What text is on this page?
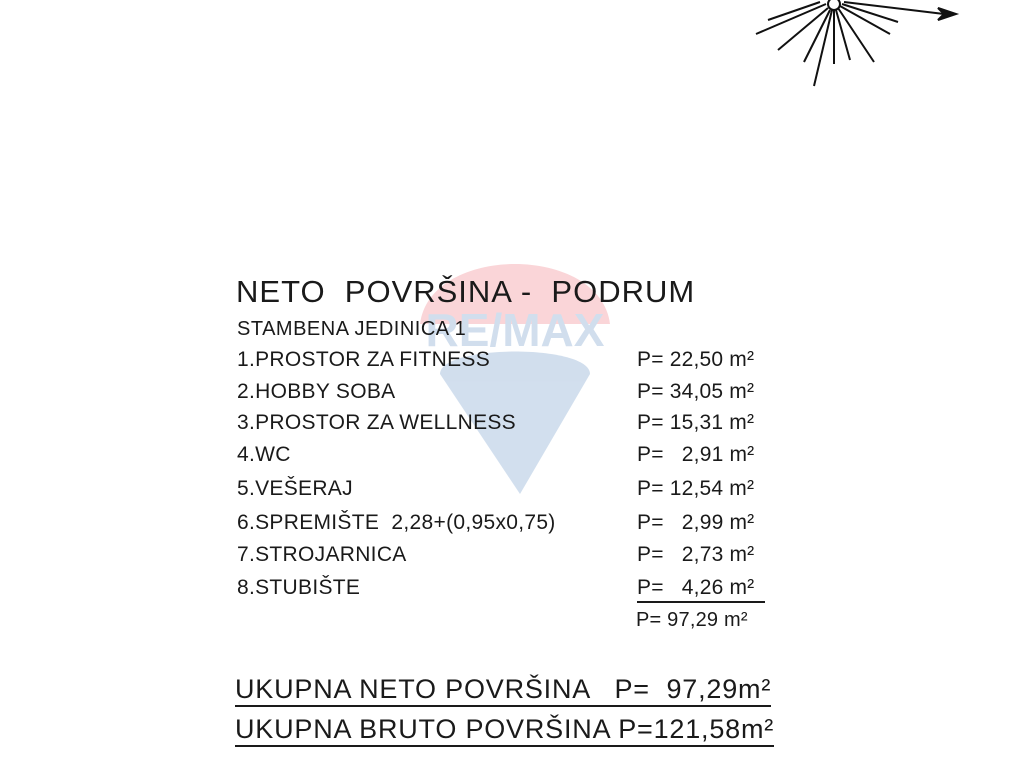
RE/MAX
NETO  POVRŠINA -  PODRUM
STAMBENA JEDINICA 1
1.PROSTOR ZA FITNESS	P= 22,50 m²
2.HOBBY SOBA	P= 34,05 m²
3.PROSTOR ZA WELLNESS	P= 15,31 m²
4.WC	P=   2,91 m²
5.VEŠERAJ	P= 12,54 m²
6.SPREMIŠTE  2,28+(0,95x0,75)	P=   2,99 m²
7.STROJARNICA	P=   2,73 m²
8.STUBIŠTE	P=   4,26 m²
P= 97,29 m²
UKUPNA NETO POVRŠINA   P=  97,29m²
UKUPNA BRUTO POVRŠINA P=121,58m²
